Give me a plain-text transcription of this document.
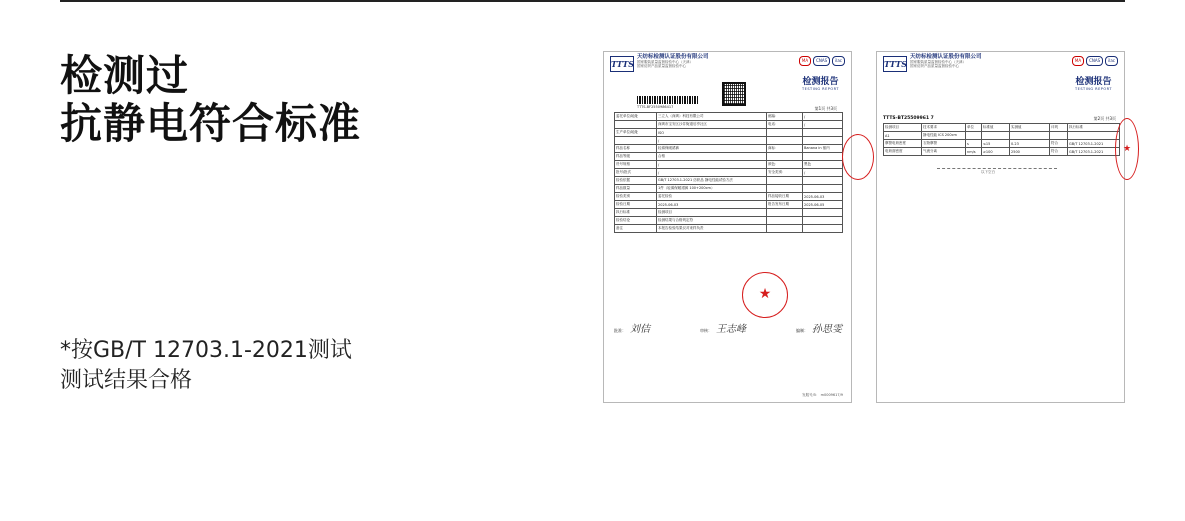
检测过
抗静电符合标准
*按GB/T 12703.1-2021测试
测试结果合格
TTTS
天纺标检测认证股份有限公司
国家服装质量监督检验中心（天津）
国家纺织产品质量监督检验中心
MA	CNAS	ilac
检测报告
TESTING REPORT
TTTS-BF2550986417	第1页 共3页
委托单位/地址	三立人（深圳）科技有限公司	邮编：	/
	深圳市宝安区沙井街道后亭社区	电话：	/
生产单位/地址	ISO		
	/		
样品名称	轻薄保暖裙裤	商标：	Banana in 蕉内
样品等级	合格		
货号规格	/	颜色：	黑色
批号/批次	/	安全类别：	/
检验依据	GB/T 12703.1-2021 纺织品 静电性能试验方法		
样品数量	1件（轻薄保暖裙裤 100+200cm）		
检验类别	委托检验	样品接收日期	2025-06-03
检验日期	2025-06-03	报告发布日期	2025-06-05
执行标准	检测项目		
检验结论	检测结果与合格判定符		
备注	本报告检验结果仅对来样负责		
★
批准： 刘佶	审核： 王志峰	编制： 孙思雯
发服号/5： m0009617/9
TTTS
天纺标检测认证股份有限公司
国家服装质量监督检验中心（天津）
国家纺织产品质量监督检验中心
MA	CNAS	ilac
检测报告
TESTING REPORT
TTTS-BT25509961 7	第2页 共3页
检测项目	技术要求	单位	标准值	实测值	评判	执行标准
A1	静电性能 ICS 200cm					
摩擦电荷密度	衣物摩擦	s	≤15	0.23	符合	GB/T 12703.1-2021
电荷面密度	气流分离	nm/s	≥100	2500	符合	GB/T 12703.1-2021
以下空白
★
